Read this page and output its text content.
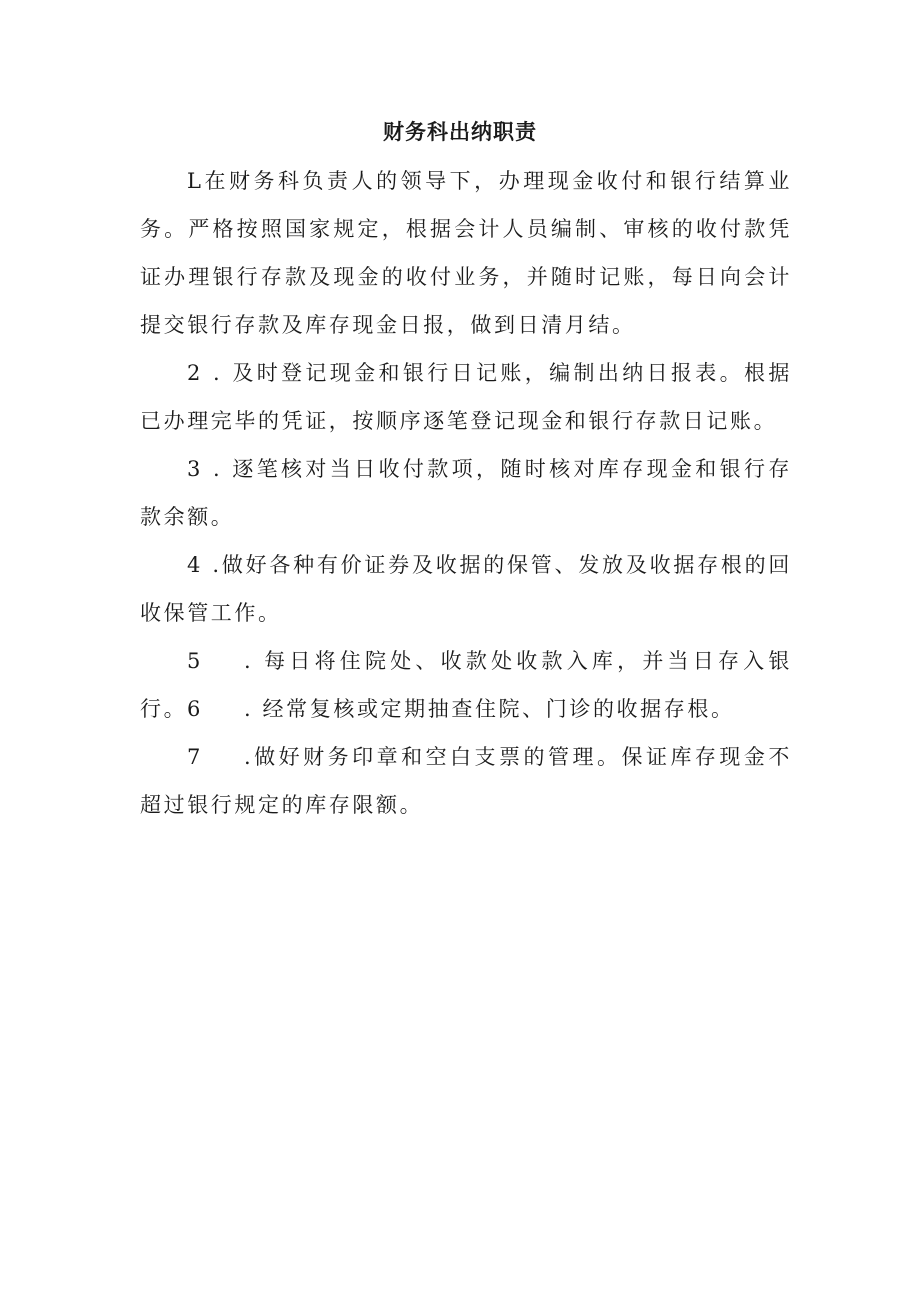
财务科出纳职责

L在财务科负责人的领导下，办理现金收付和银行结算业务。严格按照国家规定，根据会计人员编制、审核的收付款凭证办理银行存款及现金的收付业务，并随时记账，每日向会计提交银行存款及库存现金日报，做到日清月结。

2 . 及时登记现金和银行日记账，编制出纳日报表。根据已办理完毕的凭证，按顺序逐笔登记现金和银行存款日记账。

3 . 逐笔核对当日收付款项，随时核对库存现金和银行存款余额。

4 .做好各种有价证券及收据的保管、发放及收据存根的回收保管工作。

5 . 每日将住院处、收款处收款入库，并当日存入银行。 6 . 经常复核或定期抽查住院、门诊的收据存根。

7 .做好财务印章和空白支票的管理。保证库存现金不超过银行规定的库存限额。
